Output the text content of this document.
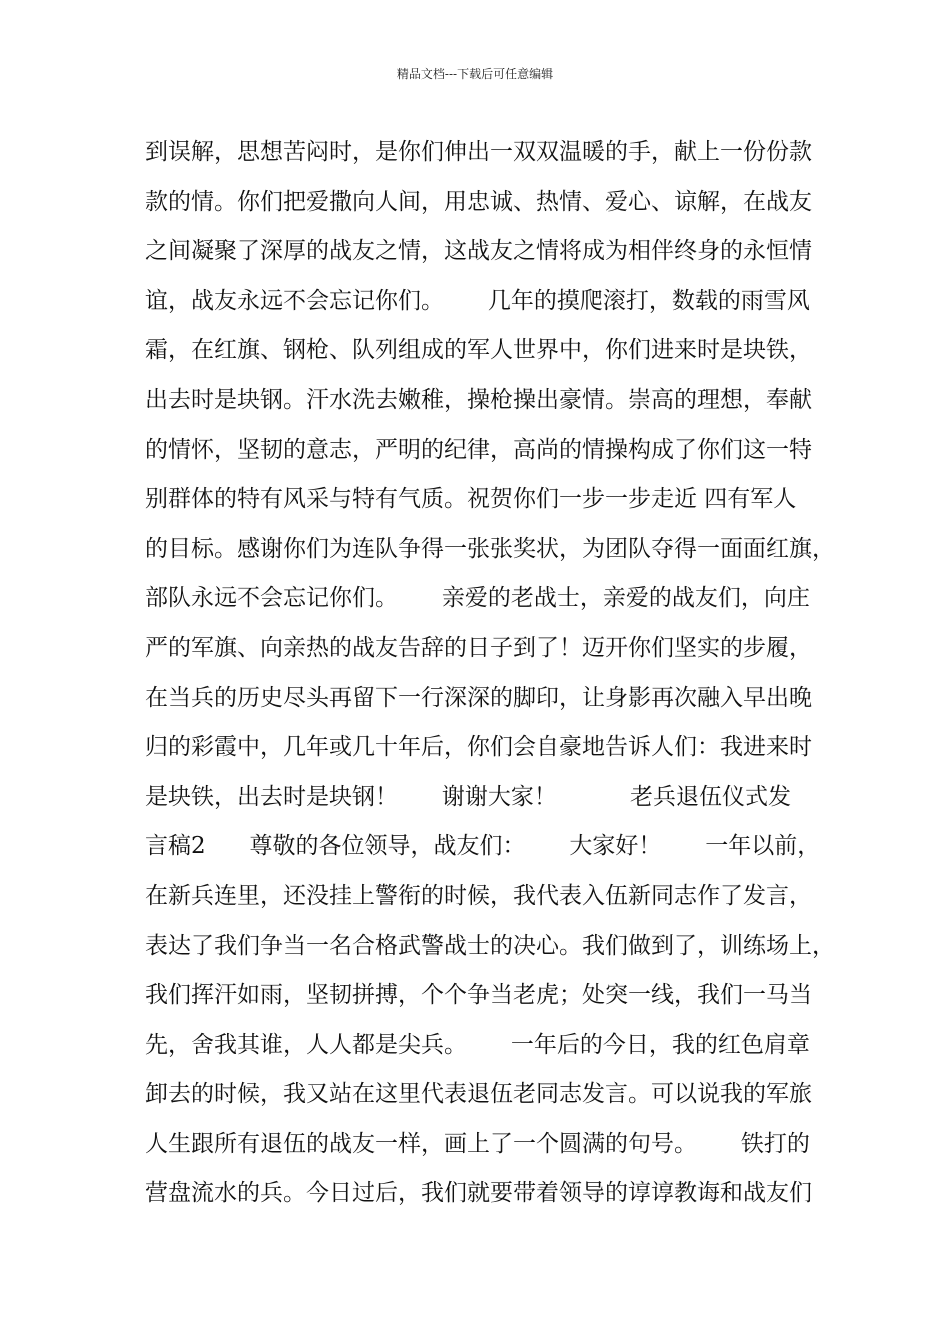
精品文档---下载后可任意编辑
到误解，思想苦闷时，是你们伸出一双双温暖的手，献上一份份款
款的情。你们把爱撒向人间，用忠诚、热情、爱心、谅解，在战友
之间凝聚了深厚的战友之情，这战友之情将成为相伴终身的永恒情
谊，战友永远不会忘记你们。      几年的摸爬滚打，数载的雨雪风
霜，在红旗、钢枪、队列组成的军人世界中，你们进来时是块铁，
出去时是块钢。汗水洗去嫩稚，操枪操出豪情。崇高的理想，奉献
的情怀，坚韧的意志，严明的纪律，高尚的情操构成了你们这一特
别群体的特有风采与特有气质。祝贺你们一步一步走近 四有军人
的目标。感谢你们为连队争得一张张奖状，为团队夺得一面面红旗，
部队永远不会忘记你们。      亲爱的老战士，亲爱的战友们，向庄
严的军旗、向亲热的战友告辞的日子到了！迈开你们坚实的步履，
在当兵的历史尽头再留下一行深深的脚印，让身影再次融入早出晚
归的彩霞中，几年或几十年后，你们会自豪地告诉人们：我进来时
是块铁，出去时是块钢！      谢谢大家！          老兵退伍仪式发
言稿2      尊敬的各位领导，战友们：      大家好！      一年以前，
在新兵连里，还没挂上警衔的时候，我代表入伍新同志作了发言，
表达了我们争当一名合格武警战士的决心。我们做到了，训练场上，
我们挥汗如雨，坚韧拼搏，个个争当老虎；处突一线，我们一马当
先，舍我其谁，人人都是尖兵。      一年后的今日，我的红色肩章
卸去的时候，我又站在这里代表退伍老同志发言。可以说我的军旅
人生跟所有退伍的战友一样，画上了一个圆满的句号。      铁打的
营盘流水的兵。今日过后，我们就要带着领导的谆谆教诲和战友们
